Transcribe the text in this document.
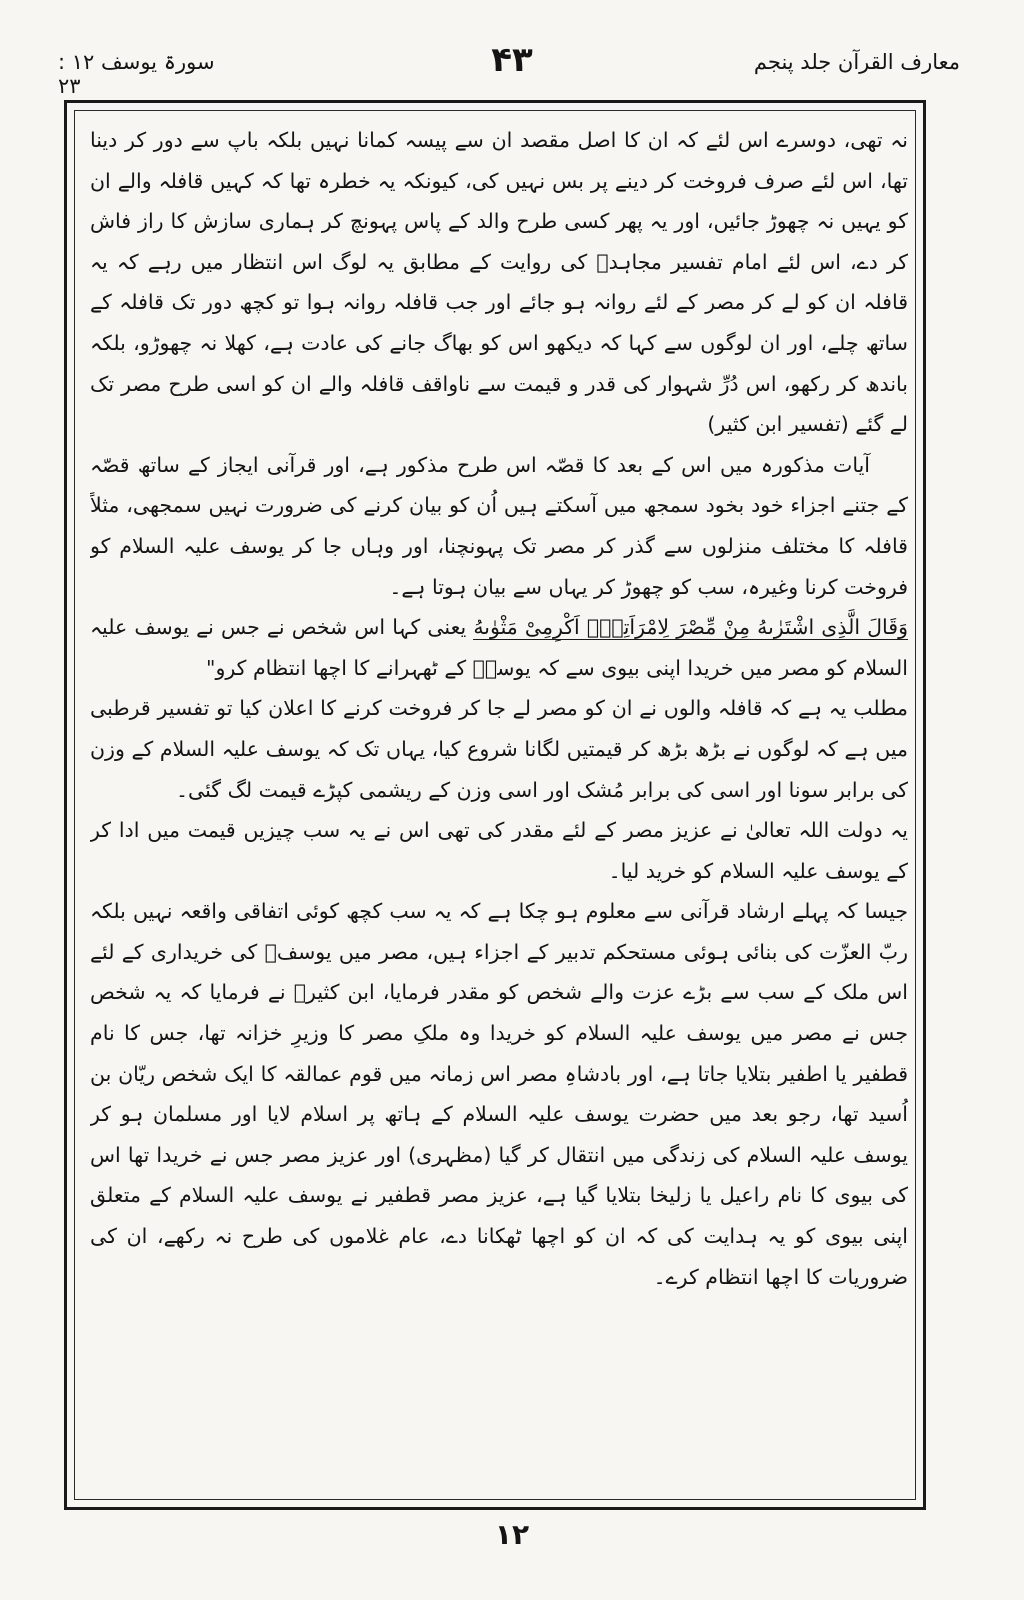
سورۃ یوسف ۱۲ : ۲۳
۴۳	معارف القرآن جلد پنجم

نہ تھی، دوسرے اس لئے کہ ان کا اصل مقصد ان سے پیسہ کمانا نہیں بلکہ باپ سے دور کر دینا تھا، اس لئے صرف فروخت کر دینے پر بس نہیں کی، کیونکہ یہ خطرہ تھا کہ کہیں قافلہ والے ان کو یہیں نہ چھوڑ جائیں، اور یہ پھر کسی طرح والد کے پاس پہونچ کر ہماری سازش کا راز فاش کر دے، اس لئے امام تفسیر مجاہدؒ کی روایت کے مطابق یہ لوگ اس انتظار میں رہے کہ یہ قافلہ ان کو لے کر مصر کے لئے روانہ ہو جائے اور جب قافلہ روانہ ہوا تو کچھ دور تک قافلہ کے ساتھ چلے، اور ان لوگوں سے کہا کہ دیکھو اس کو بھاگ جانے کی عادت ہے، کھلا نہ چھوڑو، بلکہ باندھ کر رکھو، اس دُرِّ شہوار کی قدر و قیمت سے ناواقف قافلہ والے ان کو اسی طرح مصر تک لے گئے (تفسیر ابن کثیر)

آیات مذکورہ میں اس کے بعد کا قصّہ اس طرح مذکور ہے، اور قرآنی ایجاز کے ساتھ قصّہ کے جتنے اجزاء خود بخود سمجھ میں آسکتے ہیں اُن کو بیان کرنے کی ضرورت نہیں سمجھی، مثلاً قافلہ کا مختلف منزلوں سے گذر کر مصر تک پہونچنا، اور وہاں جا کر یوسف علیہ السلام کو فروخت کرنا وغیرہ، سب کو چھوڑ کر یہاں سے بیان ہوتا ہے۔

وَقَالَ الَّذِى اشْتَرٰىهُ مِنْ مِّصْرَ لِامْرَاَتِهٖۤ اَكْرِمِىْ مَثْوٰىهُ یعنی کہا اس شخص نے جس نے یوسف علیہ السلام کو مصر میں خریدا اپنی بیوی سے کہ یوسفؑ کے ٹھہرانے کا اچھا انتظام کرو"

مطلب یہ ہے کہ قافلہ والوں نے ان کو مصر لے جا کر فروخت کرنے کا اعلان کیا تو تفسیر قرطبی میں ہے کہ لوگوں نے بڑھ بڑھ کر قیمتیں لگانا شروع کیا، یہاں تک کہ یوسف علیہ السلام کے وزن کی برابر سونا اور اسی کی برابر مُشک اور اسی وزن کے ریشمی کپڑے قیمت لگ گئی۔

یہ دولت اللہ تعالیٰ نے عزیز مصر کے لئے مقدر کی تھی اس نے یہ سب چیزیں قیمت میں ادا کر کے یوسف علیہ السلام کو خرید لیا۔

جیسا کہ پہلے ارشاد قرآنی سے معلوم ہو چکا ہے کہ یہ سب کچھ کوئی اتفاقی واقعہ نہیں بلکہ ربّ العزّت کی بنائی ہوئی مستحکم تدبیر کے اجزاء ہیں، مصر میں یوسفؑ کی خریداری کے لئے اس ملک کے سب سے بڑے عزت والے شخص کو مقدر فرمایا، ابن کثیرؒ نے فرمایا کہ یہ شخص جس نے مصر میں یوسف علیہ السلام کو خریدا وہ ملکِ مصر کا وزیرِ خزانہ تھا، جس کا نام قطفیر یا اطفیر بتلایا جاتا ہے، اور بادشاہِ مصر اس زمانہ میں قوم عمالقہ کا ایک شخص ریّان بن اُسید تھا، رجو بعد میں حضرت یوسف علیہ السلام کے ہاتھ پر اسلام لایا اور مسلمان ہو کر یوسف علیہ السلام کی زندگی میں انتقال کر گیا (مظہری) اور عزیز مصر جس نے خریدا تھا اس کی بیوی کا نام راعیل یا زلیخا بتلایا گیا ہے، عزیز مصر قطفیر نے یوسف علیہ السلام کے متعلق اپنی بیوی کو یہ ہدایت کی کہ ان کو اچھا ٹھکانا دے، عام غلاموں کی طرح نہ رکھے، ان کی ضروریات کا اچھا انتظام کرے۔

۱۲
